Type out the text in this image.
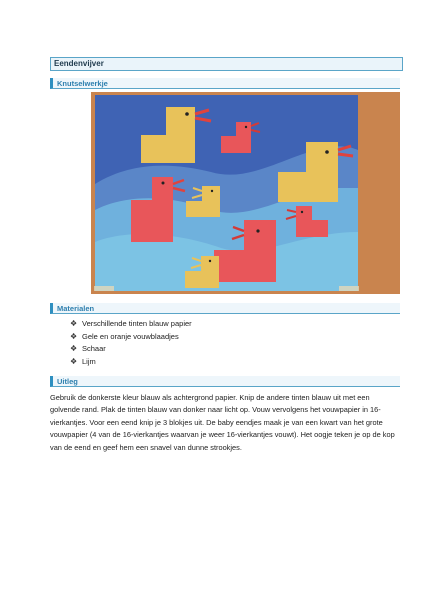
Eendenvijver
Knutselwerkje
Materialen
❖ Verschillende tinten blauw papier
❖ Gele en oranje vouwblaadjes
❖ Schaar
❖ Lijm
Uitleg

Gebruik de donkerste kleur blauw als achtergrond papier. Knip de andere tinten blauw uit met een golvende rand. Plak de tinten blauw van donker naar licht op. Vouw vervolgens het vouwpapier in 16-vierkantjes. Voor een eend knip je 3 blokjes uit. De baby eendjes maak je van een kwart van het grote vouwpapier (4 van de 16-vierkantjes waarvan je weer 16-vierkantjes vouwt). Het oogje teken je op de kop van de eend en geef hem een snavel van dunne strookjes.
